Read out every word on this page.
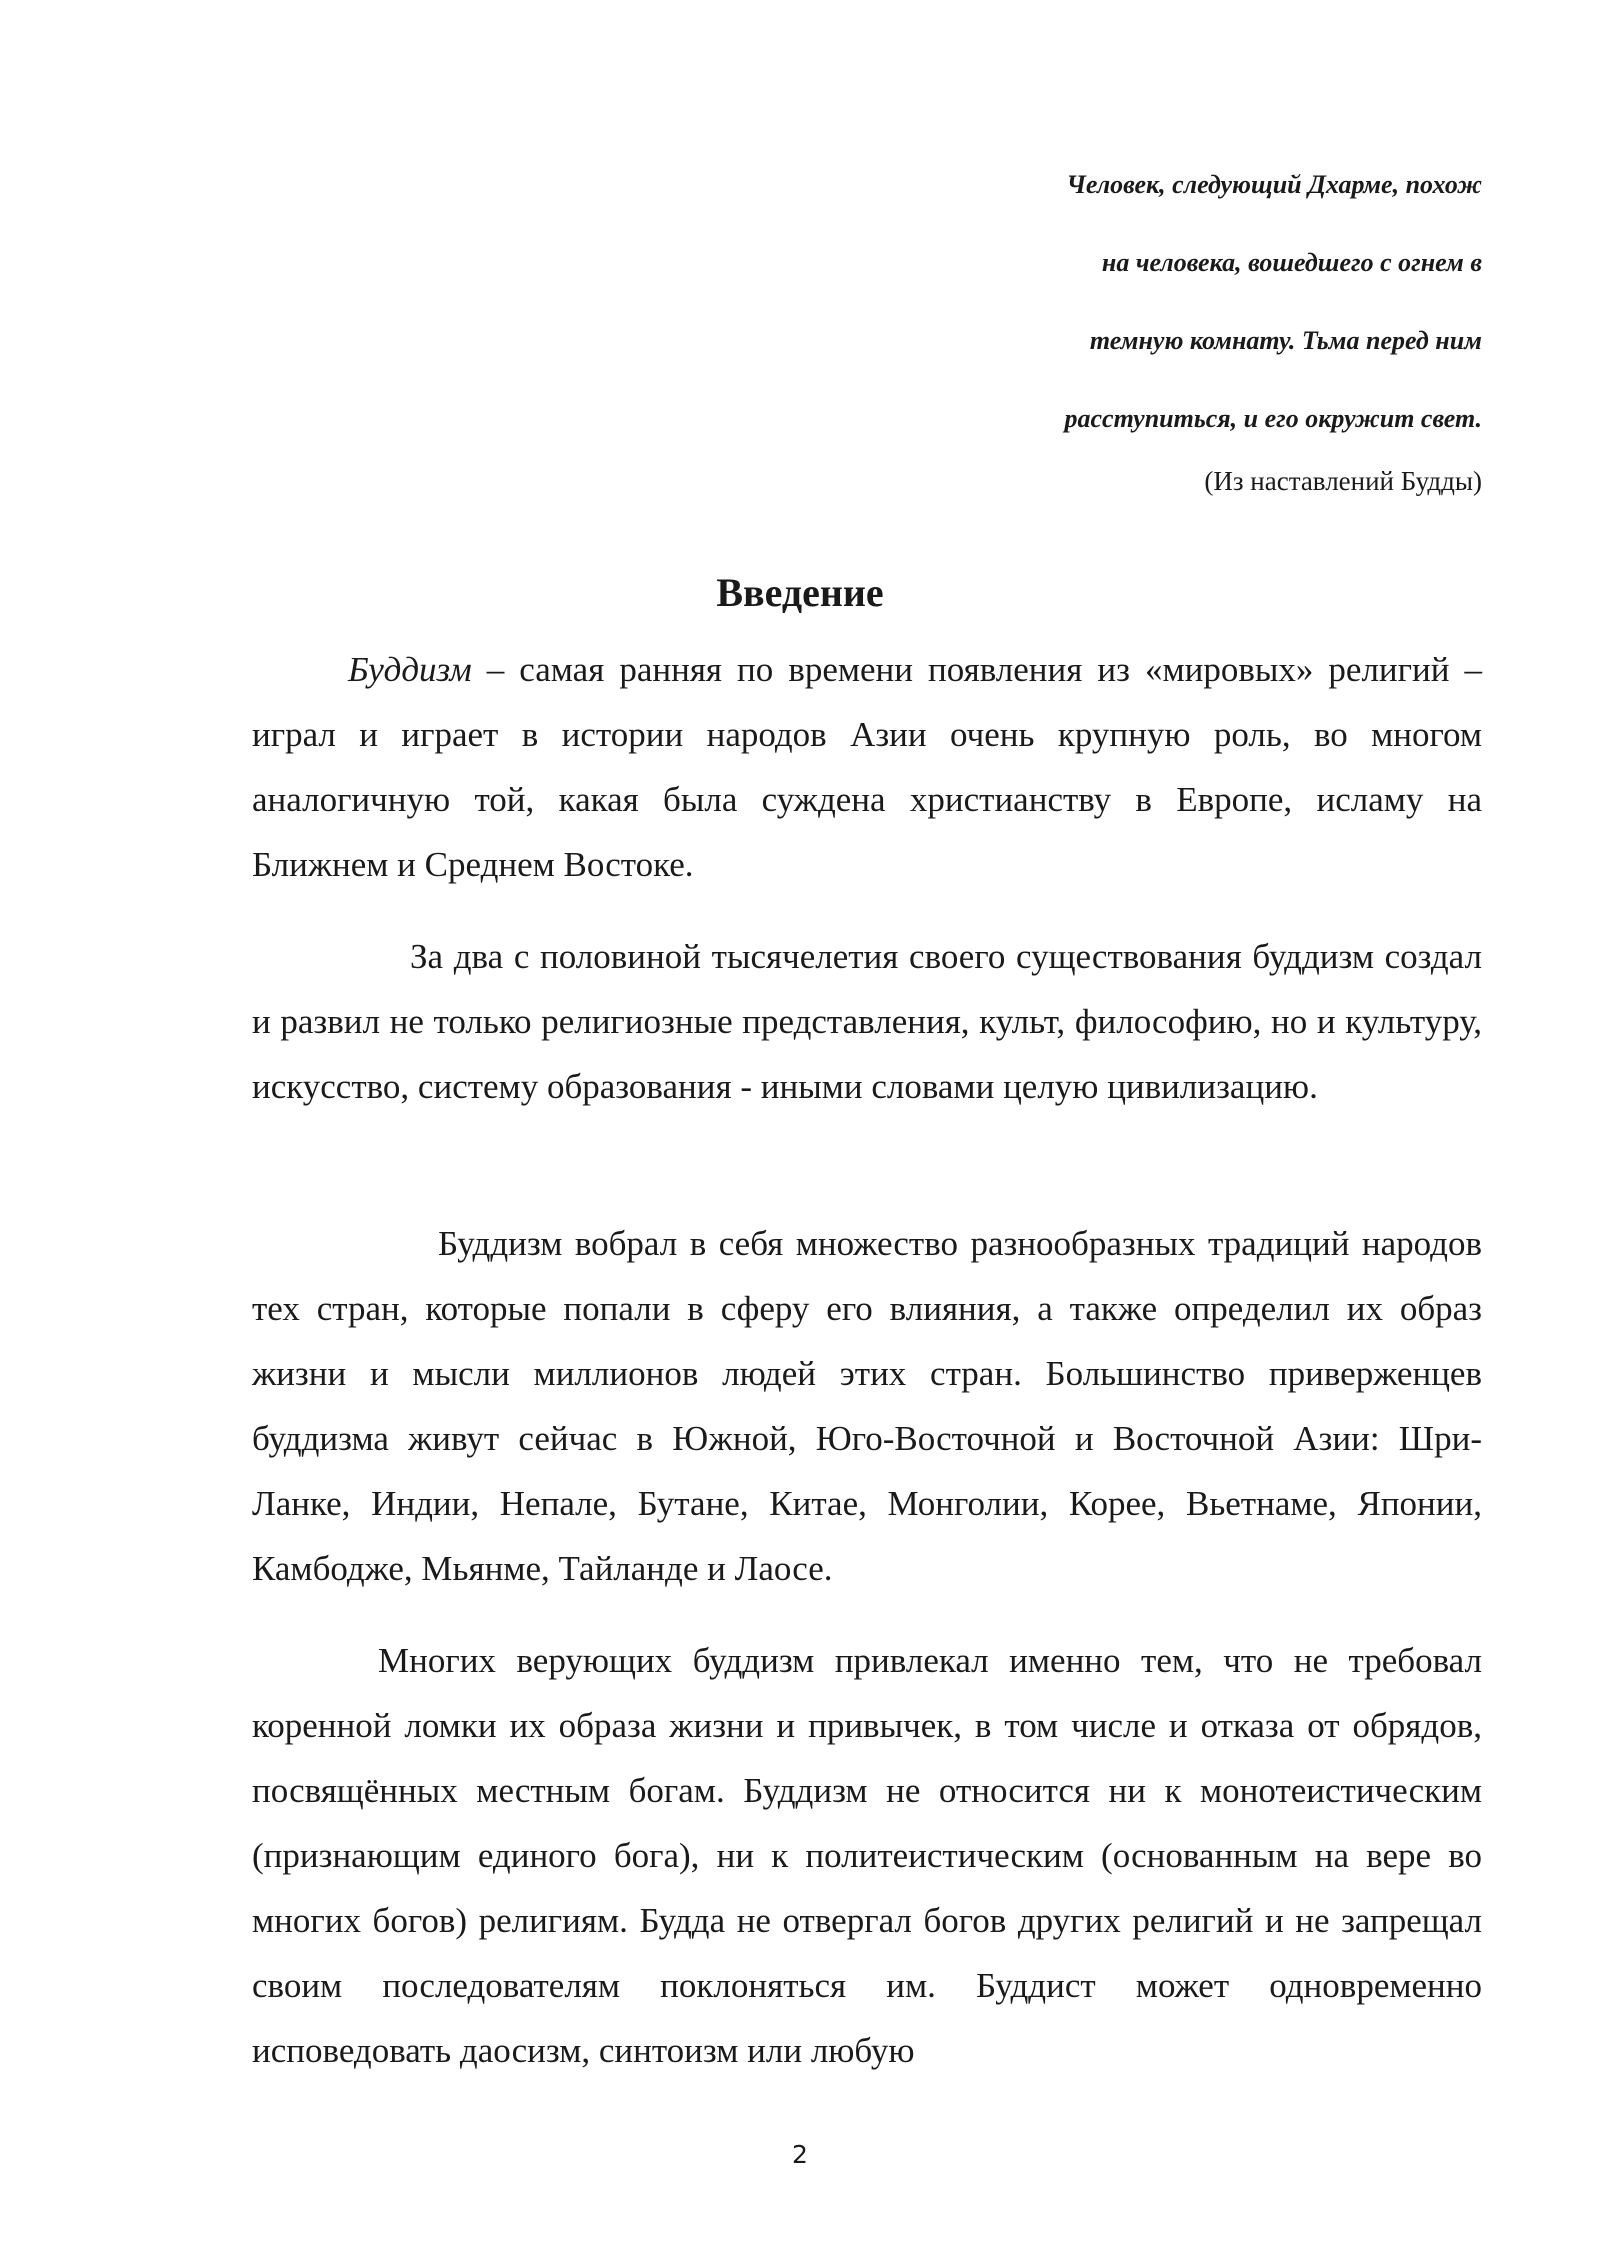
Человек, следующий Дхарме, похож
на человека, вошедшего с огнем в
темную комнату. Тьма перед ним
расступиться, и его окружит свет.
(Из наставлений Будды)
Введение

Буддизм – самая ранняя по времени появления из «мировых» религий – играл и играет в истории народов Азии очень крупную роль, во многом аналогичную той, какая была суждена христианству в Европе, исламу на Ближнем и Среднем Востоке.

За два с половиной тысячелетия своего существования буддизм создал и развил не только религиозные представления, культ, философию, но и культуру, искусство, систему образования - иными словами целую цивилизацию.

Буддизм вобрал в себя множество разнообразных традиций народов тех стран, которые попали в сферу его влияния, а также определил их образ жизни и мысли миллионов людей этих стран. Большинство приверженцев буддизма живут сейчас в Южной, Юго-Восточной и Восточной Азии: Шри-Ланке, Индии, Непале, Бутане, Китае, Монголии, Корее, Вьетнаме, Японии, Камбодже, Мьянме, Тайланде и Лаосе.

Многих верующих буддизм привлекал именно тем, что не требовал коренной ломки их образа жизни и привычек, в том числе и отказа от обрядов, посвящённых местным богам. Буддизм не относится ни к монотеистическим (признающим единого бога), ни к политеистическим (основанным на вере во многих богов) религиям. Будда не отвергал богов других религий и не запрещал своим последователям поклоняться им. Буддист может одновременно исповедовать даосизм, синтоизм или любую

2
